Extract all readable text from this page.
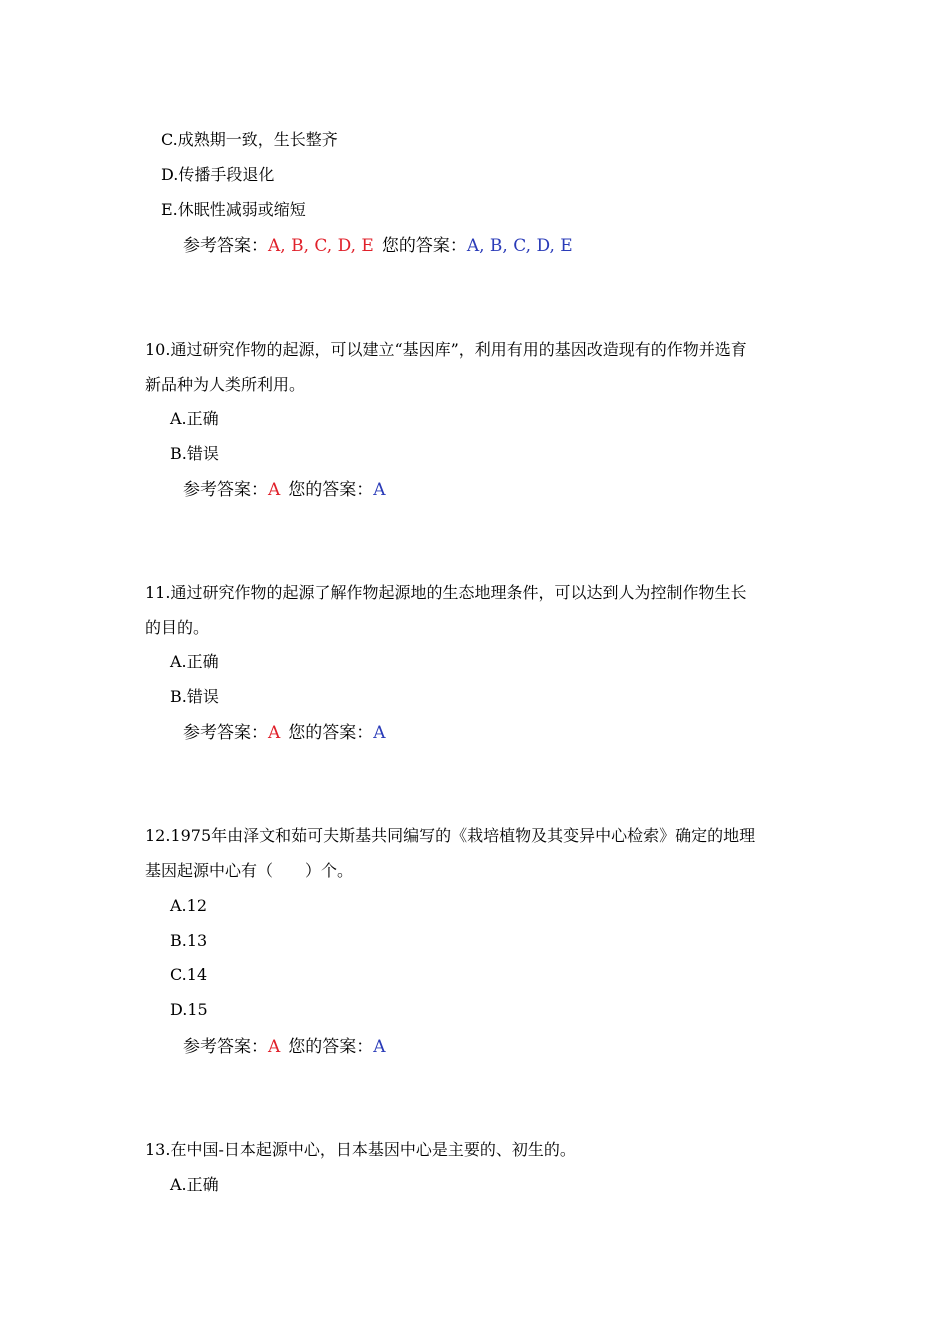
C.成熟期一致，生长整齐
D.传播手段退化
E.休眠性减弱或缩短
参考答案：A, B, C, D, E 您的答案：A, B, C, D, E
10.通过研究作物的起源，可以建立“基因库”，利用有用的基因改造现有的作物并选育
新品种为人类所利用。
A.正确
B.错误
参考答案：A 您的答案：A
11.通过研究作物的起源了解作物起源地的生态地理条件，可以达到人为控制作物生长
的目的。
A.正确
B.错误
参考答案：A 您的答案：A
12.1975年由泽文和茹可夫斯基共同编写的《栽培植物及其变异中心检索》确定的地理
基因起源中心有（　　）个。
A.12
B.13
C.14
D.15
参考答案：A 您的答案：A
13.在中国-日本起源中心，日本基因中心是主要的、初生的。
A.正确
